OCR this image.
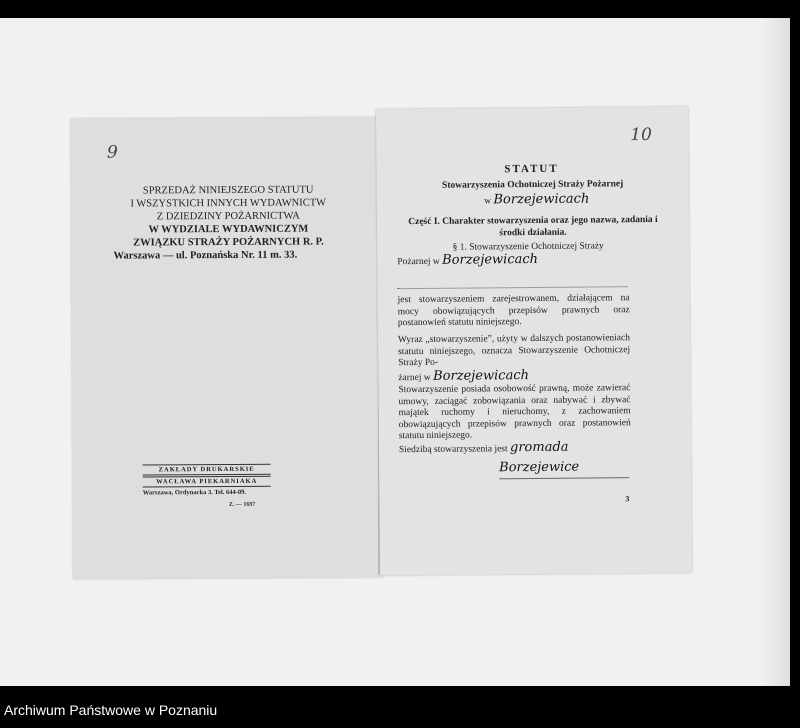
9
SPRZEDAŻ NINIEJSZEGO STATUTU
I WSZYSTKICH INNYCH WYDAWNICTW
Z DZIEDZINY POŻARNICTWA
W WYDZIALE WYDAWNICZYM
ZWIĄZKU STRAŻY POŻARNYCH R. P.
Warszawa — ul. Poznańska Nr. 11 m. 33.
ZAKŁADY DRUKARSKIE
WACŁAWA PIEKARNIAKA
Warszawa, Ordynacka 3. Tel. 644-09.
Z. — 1697
10
STATUT
Stowarzyszenia Ochotniczej Straży Pożarnej
w Borzejewicach
Część I. Charakter stowarzyszenia oraz jego nazwa, zadania i środki działania.
§ 1. Stowarzyszenie Ochotniczej Straży
Pożarnej w Borzejewicach
jest stowarzyszeniem zarejestrowanem, działającem na mocy obowiązujących przepisów prawnych oraz postanowień statutu niniejszego.
Wyraz „stowarzyszenie”, użyty w dalszych postanowieniach statutu niniejszego, oznacza Stowarzyszenie Ochotniczej Straży Po-
żarnej w Borzejewicach
Stowarzyszenie posiada osobowość prawną, może zawierać umowy, zaciągać zobowiązania oraz nabywać i zbywać majątek ruchomy i nieruchomy, z zachowaniem obowiązujących przepisów prawnych oraz postanowień statutu niniejszego.
Siedzibą stowarzyszenia jest gromada
Borzejewice
3
Archiwum Państwowe w Poznaniu
